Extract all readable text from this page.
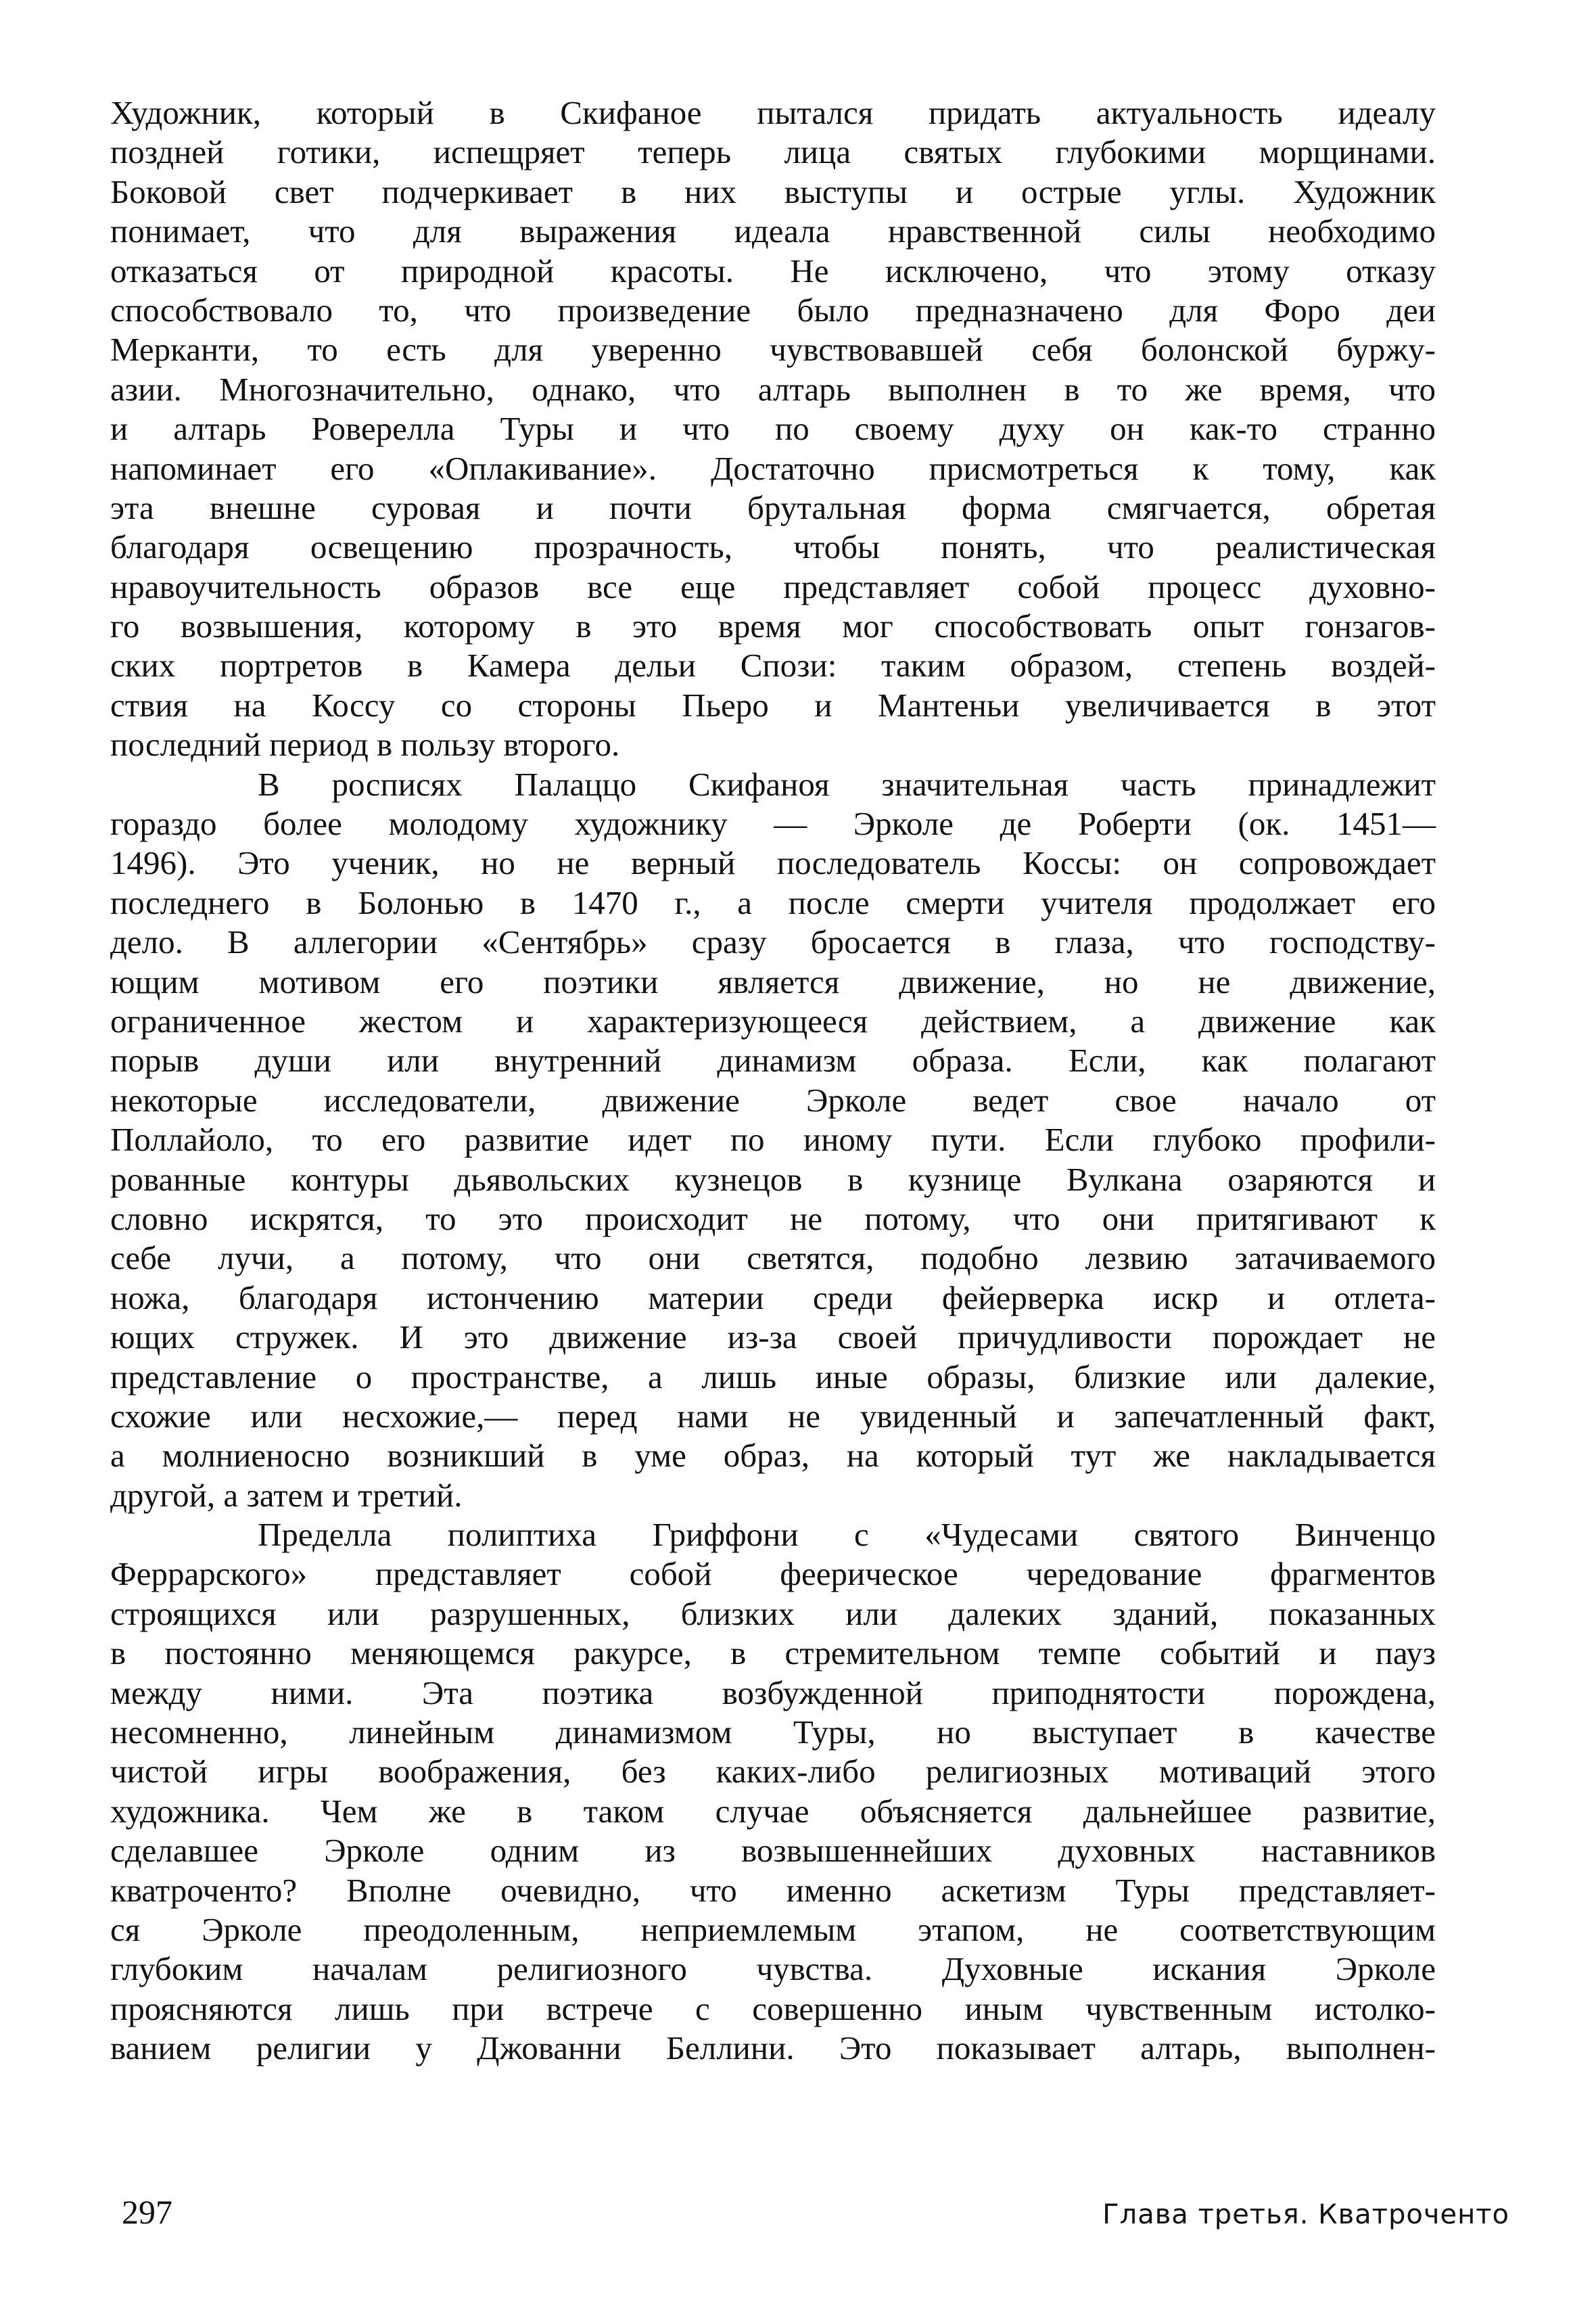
Художник, который в Скифаное пытался придать актуальность идеалу
поздней готики, испещряет теперь лица святых глубокими морщинами.
Боковой свет подчеркивает в них выступы и острые углы. Художник
понимает, что для выражения идеала нравственной силы необходимо
отказаться от природной красоты. Не исключено, что этому отказу
способствовало то, что произведение было предназначено для Форо деи
Мерканти, то есть для уверенно чувствовавшей себя болонской буржу-
азии. Многозначительно, однако, что алтарь выполнен в то же время, что
и алтарь Роверелла Туры и что по своему духу он как-то странно
напоминает его «Оплакивание». Достаточно присмотреться к тому, как
эта внешне суровая и почти брутальная форма смягчается, обретая
благодаря освещению прозрачность, чтобы понять, что реалистическая
нравоучительность образов все еще представляет собой процесс духовно-
го возвышения, которому в это время мог способствовать опыт гонзагов-
ских портретов в Камера дельи Спози: таким образом, степень воздей-
ствия на Коссу со стороны Пьеро и Мантеньи увеличивается в этот
последний период в пользу второго.
В росписях Палаццо Скифаноя значительная часть принадлежит
гораздо более молодому художнику — Эрколе де Роберти (ок. 1451—
1496). Это ученик, но не верный последователь Коссы: он сопровождает
последнего в Болонью в 1470 г., а после смерти учителя продолжает его
дело. В аллегории «Сентябрь» сразу бросается в глаза, что господству-
ющим мотивом его поэтики является движение, но не движение,
ограниченное жестом и характеризующееся действием, а движение как
порыв души или внутренний динамизм образа. Если, как полагают
некоторые исследователи, движение Эрколе ведет свое начало от
Поллайоло, то его развитие идет по иному пути. Если глубоко профили-
рованные контуры дьявольских кузнецов в кузнице Вулкана озаряются и
словно искрятся, то это происходит не потому, что они притягивают к
себе лучи, а потому, что они светятся, подобно лезвию затачиваемого
ножа, благодаря истончению материи среди фейерверка искр и отлета-
ющих стружек. И это движение из-за своей причудливости порождает не
представление о пространстве, а лишь иные образы, близкие или далекие,
схожие или несхожие,— перед нами не увиденный и запечатленный факт,
а молниеносно возникший в уме образ, на который тут же накладывается
другой, а затем и третий.
Пределла полиптиха Гриффони с «Чудесами святого Винченцо
Феррарского» представляет собой феерическое чередование фрагментов
строящихся или разрушенных, близких или далеких зданий, показанных
в постоянно меняющемся ракурсе, в стремительном темпе событий и пауз
между ними. Эта поэтика возбужденной приподнятости порождена,
несомненно, линейным динамизмом Туры, но выступает в качестве
чистой игры воображения, без каких-либо религиозных мотиваций этого
художника. Чем же в таком случае объясняется дальнейшее развитие,
сделавшее Эрколе одним из возвышеннейших духовных наставников
кватроченто? Вполне очевидно, что именно аскетизм Туры представляет-
ся Эрколе преодоленным, неприемлемым этапом, не соответствующим
глубоким началам религиозного чувства. Духовные искания Эрколе
проясняются лишь при встрече с совершенно иным чувственным истолко-
ванием религии у Джованни Беллини. Это показывает алтарь, выполнен-
297	Глава третья. Кватроченто
